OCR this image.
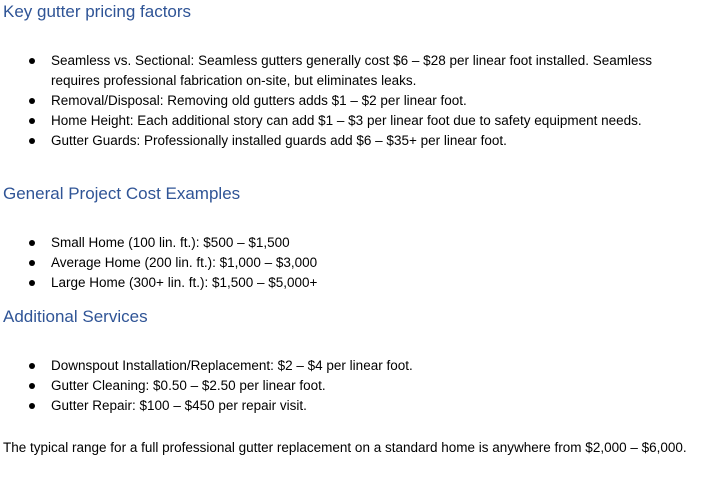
Key gutter pricing factors
Seamless vs. Sectional: Seamless gutters generally cost $6 – $28 per linear foot installed. Seamless requires professional fabrication on-site, but eliminates leaks.
Removal/Disposal: Removing old gutters adds $1 – $2 per linear foot.
Home Height: Each additional story can add $1 – $3 per linear foot due to safety equipment needs.
Gutter Guards: Professionally installed guards add $6 – $35+ per linear foot.
General Project Cost Examples
Small Home (100 lin. ft.): $500 – $1,500
Average Home (200 lin. ft.): $1,000 – $3,000
Large Home (300+ lin. ft.): $1,500 – $5,000+
Additional Services
Downspout Installation/Replacement: $2 – $4 per linear foot.
Gutter Cleaning: $0.50 – $2.50 per linear foot.
Gutter Repair: $100 – $450 per repair visit.

The typical range for a full professional gutter replacement on a standard home is anywhere from $2,000 – $6,000.
